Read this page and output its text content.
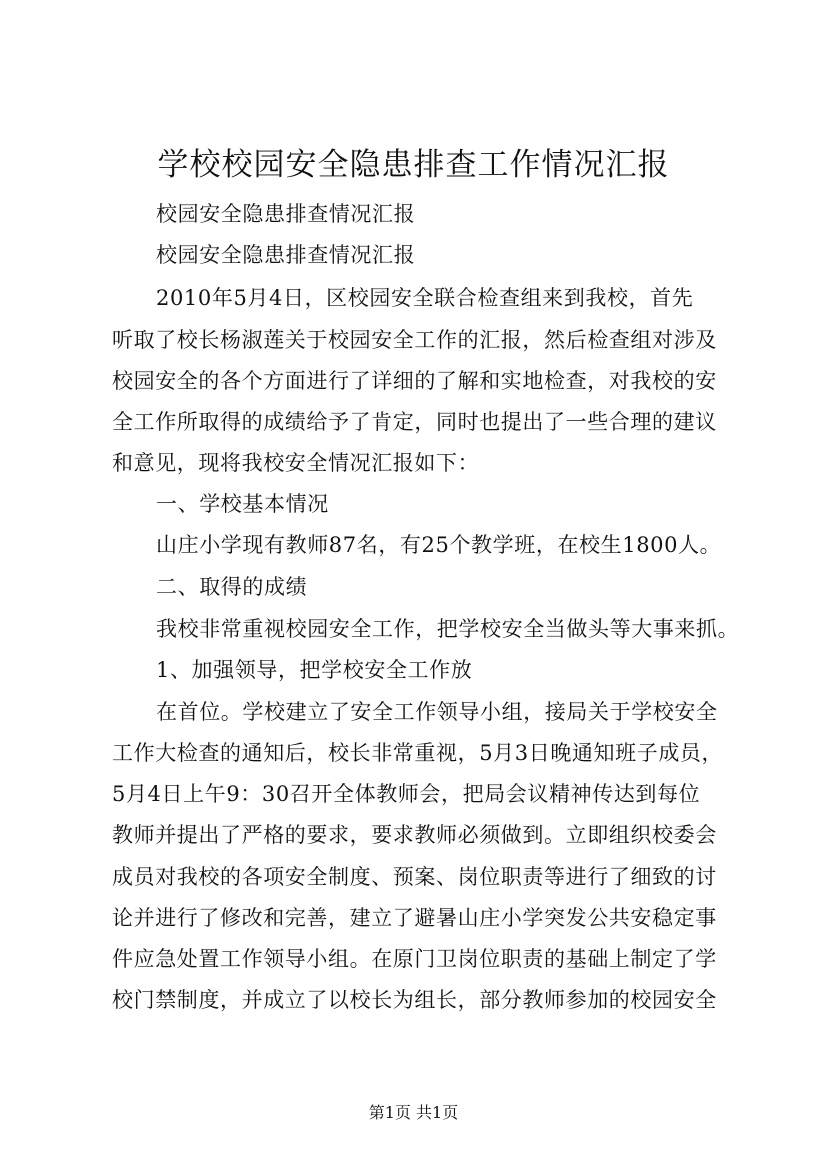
学校校园安全隐患排查工作情况汇报
校园安全隐患排查情况汇报
校园安全隐患排查情况汇报
2010年5月4日，区校园安全联合检查组来到我校，首先
听取了校长杨淑莲关于校园安全工作的汇报，然后检查组对涉及
校园安全的各个方面进行了详细的了解和实地检查，对我校的安
全工作所取得的成绩给予了肯定，同时也提出了一些合理的建议
和意见，现将我校安全情况汇报如下：
一、学校基本情况
山庄小学现有教师87名，有25个教学班，在校生1800人。
二、取得的成绩
我校非常重视校园安全工作，把学校安全当做头等大事来抓。
1、加强领导，把学校安全工作放
在首位。学校建立了安全工作领导小组，接局关于学校安全
工作大检查的通知后，校长非常重视，5月3日晚通知班子成员，
5月4日上午9：30召开全体教师会，把局会议精神传达到每位
教师并提出了严格的要求，要求教师必须做到。立即组织校委会
成员对我校的各项安全制度、预案、岗位职责等进行了细致的讨
论并进行了修改和完善，建立了避暑山庄小学突发公共安稳定事
件应急处置工作领导小组。在原门卫岗位职责的基础上制定了学
校门禁制度，并成立了以校长为组长，部分教师参加的校园安全
第1页 共1页
